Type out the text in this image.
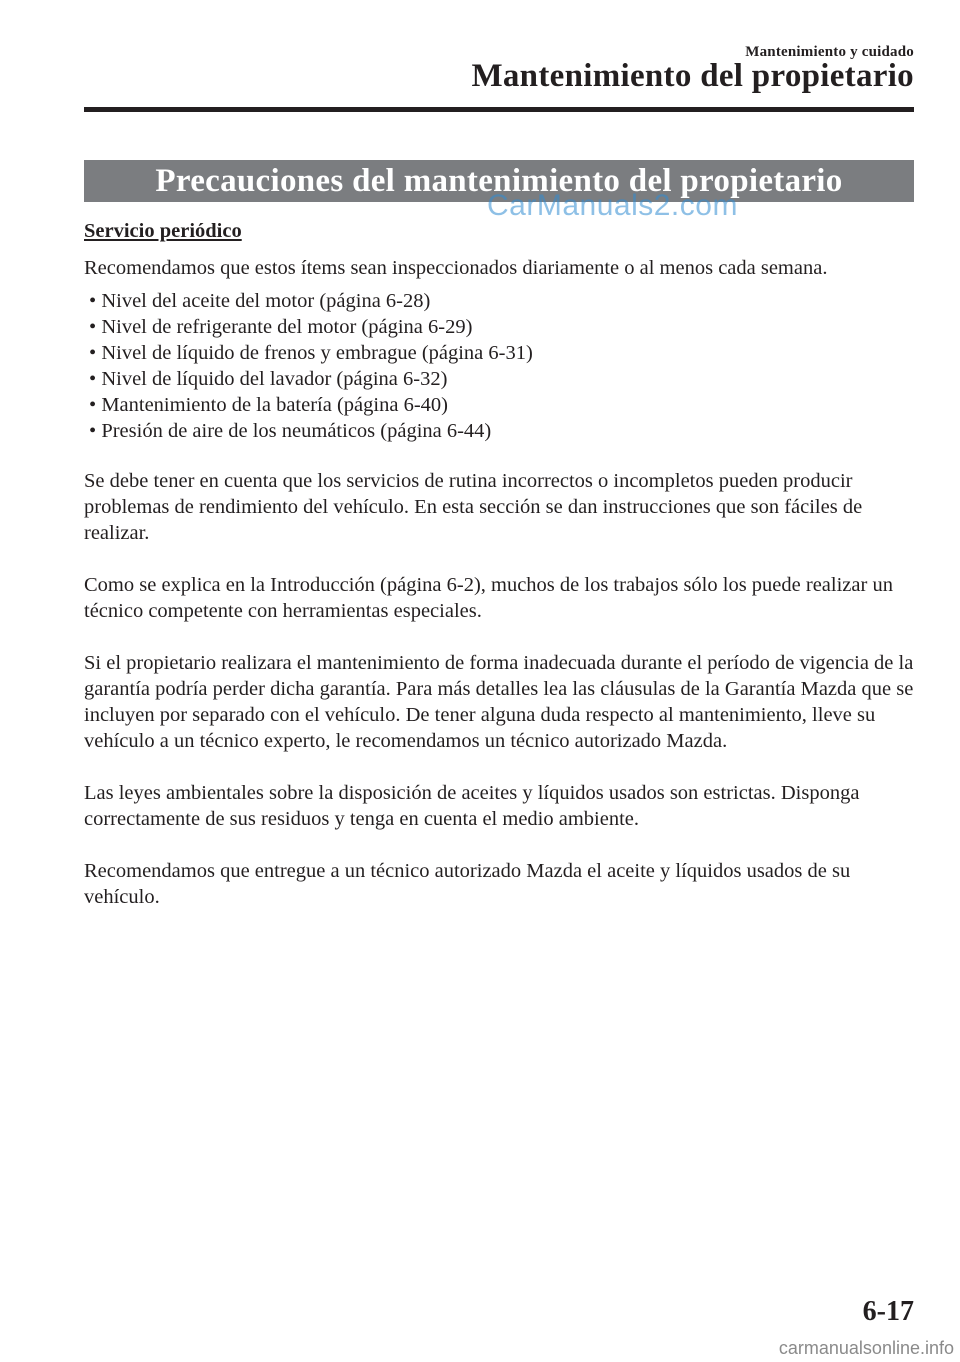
Mantenimiento y cuidado
Mantenimiento del propietario
Precauciones del mantenimiento del propietario
CarManuals2.com
Servicio periódico

Recomendamos que estos ítems sean inspeccionados diariamente o al menos cada semana.

• Nivel del aceite del motor (página 6-28)
• Nivel de refrigerante del motor (página 6-29)
• Nivel de líquido de frenos y embrague (página 6-31)
• Nivel de líquido del lavador (página 6-32)
• Mantenimiento de la batería (página 6-40)
• Presión de aire de los neumáticos (página 6-44)

Se debe tener en cuenta que los servicios de rutina incorrectos o incompletos pueden producir problemas de rendimiento del vehículo. En esta sección se dan instrucciones que son fáciles de realizar.

Como se explica en la Introducción (página 6-2), muchos de los trabajos sólo los puede realizar un técnico competente con herramientas especiales.

Si el propietario realizara el mantenimiento de forma inadecuada durante el período de vigencia de la garantía podría perder dicha garantía. Para más detalles lea las cláusulas de la Garantía Mazda que se incluyen por separado con el vehículo. De tener alguna duda respecto al mantenimiento, lleve su vehículo a un técnico experto, le recomendamos un técnico autorizado Mazda.

Las leyes ambientales sobre la disposición de aceites y líquidos usados son estrictas. Disponga correctamente de sus residuos y tenga en cuenta el medio ambiente.

Recomendamos que entregue a un técnico autorizado Mazda el aceite y líquidos usados de su vehículo.

6-17
carmanualsonline.info
